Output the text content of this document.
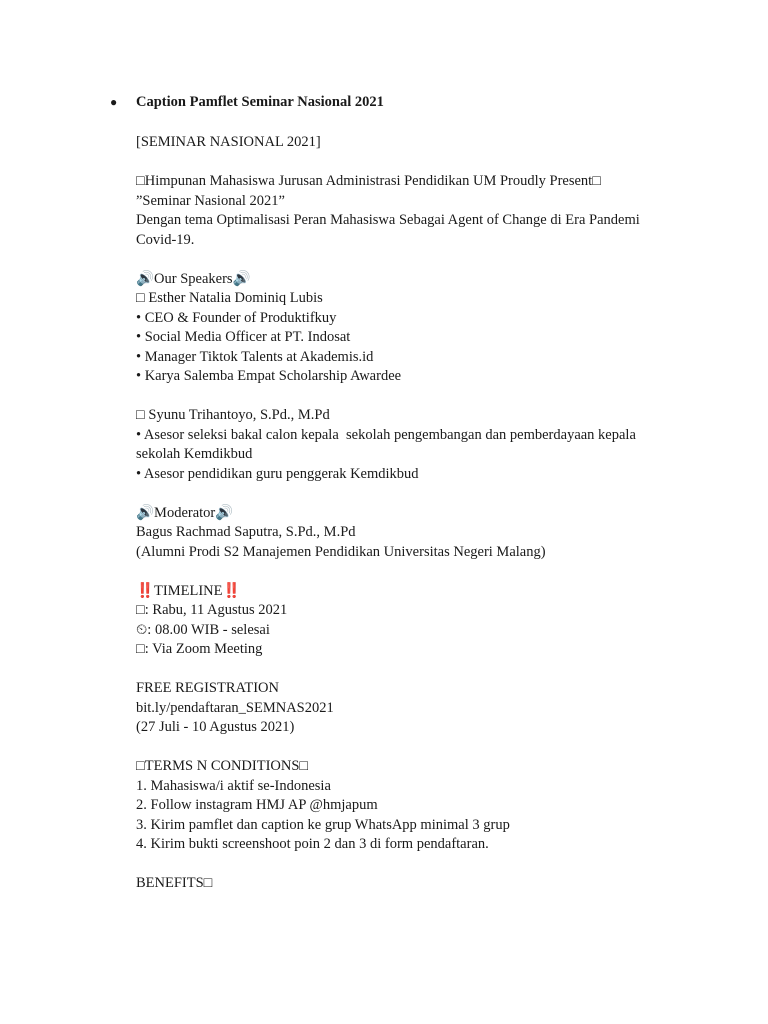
●	Caption Pamflet Seminar Nasional 2021
[SEMINAR NASIONAL 2021]
□Himpunan Mahasiswa Jurusan Administrasi Pendidikan UM Proudly Present□
”Seminar Nasional 2021”
Dengan tema Optimalisasi Peran Mahasiswa Sebagai Agent of Change di Era Pandemi
Covid-19.
🔊Our Speakers🔊
□ Esther Natalia Dominiq Lubis
• CEO & Founder of Produktifkuy
• Social Media Officer at PT. Indosat
• Manager Tiktok Talents at Akademis.id
• Karya Salemba Empat Scholarship Awardee
□ Syunu Trihantoyo, S.Pd., M.Pd
• Asesor seleksi bakal calon kepala  sekolah pengembangan dan pemberdayaan kepala
sekolah Kemdikbud
• Asesor pendidikan guru penggerak Kemdikbud
🔊Moderator🔊
Bagus Rachmad Saputra, S.Pd., M.Pd
(Alumni Prodi S2 Manajemen Pendidikan Universitas Negeri Malang)
‼️TIMELINE‼️
□: Rabu, 11 Agustus 2021
⏲: 08.00 WIB - selesai
□: Via Zoom Meeting
FREE REGISTRATION
bit.ly/pendaftaran_SEMNAS2021
(27 Juli - 10 Agustus 2021)
□TERMS N CONDITIONS□
1. Mahasiswa/i aktif se-Indonesia
2. Follow instagram HMJ AP @hmjapum
3. Kirim pamflet dan caption ke grup WhatsApp minimal 3 grup
4. Kirim bukti screenshoot poin 2 dan 3 di form pendaftaran.
BENEFITS□
